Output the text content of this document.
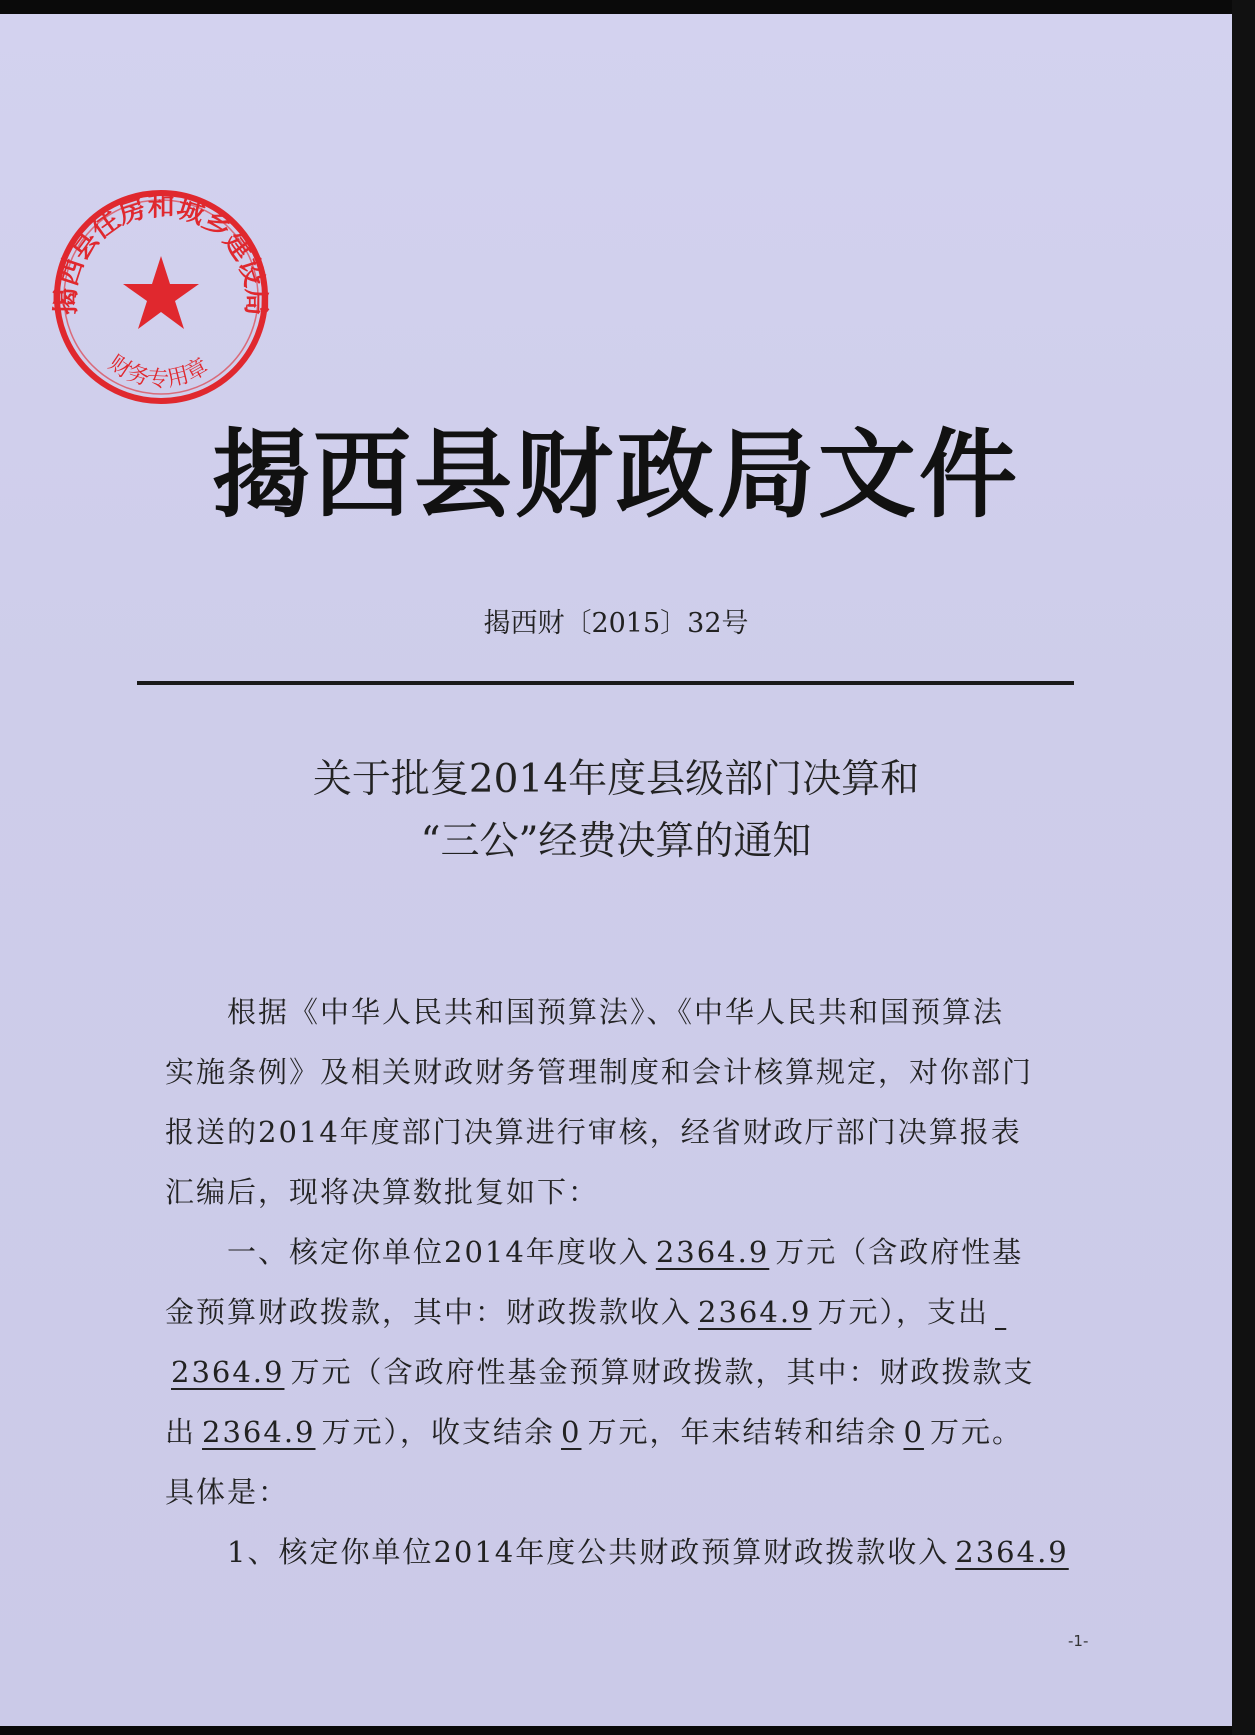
揭西县住房和城乡建设局
财务专用章
揭西县财政局文件
揭西财〔2015〕32号
关于批复2014年度县级部门决算和
“三公”经费决算的通知
根据《中华人民共和国预算法》、《中华人民共和国预算法
实施条例》及相关财政财务管理制度和会计核算规定，对你部门
报送的2014年度部门决算进行审核，经省财政厅部门决算报表
汇编后，现将决算数批复如下：
一、核定你单位2014年度收入 2364.9 万元（含政府性基
金预算财政拨款，其中：财政拨款收入 2364.9 万元），支出
2364.9 万元（含政府性基金预算财政拨款，其中：财政拨款支
出 2364.9 万元），收支结余 0 万元，年末结转和结余 0 万元。
具体是：
1、核定你单位2014年度公共财政预算财政拨款收入 2364.9
-1-
